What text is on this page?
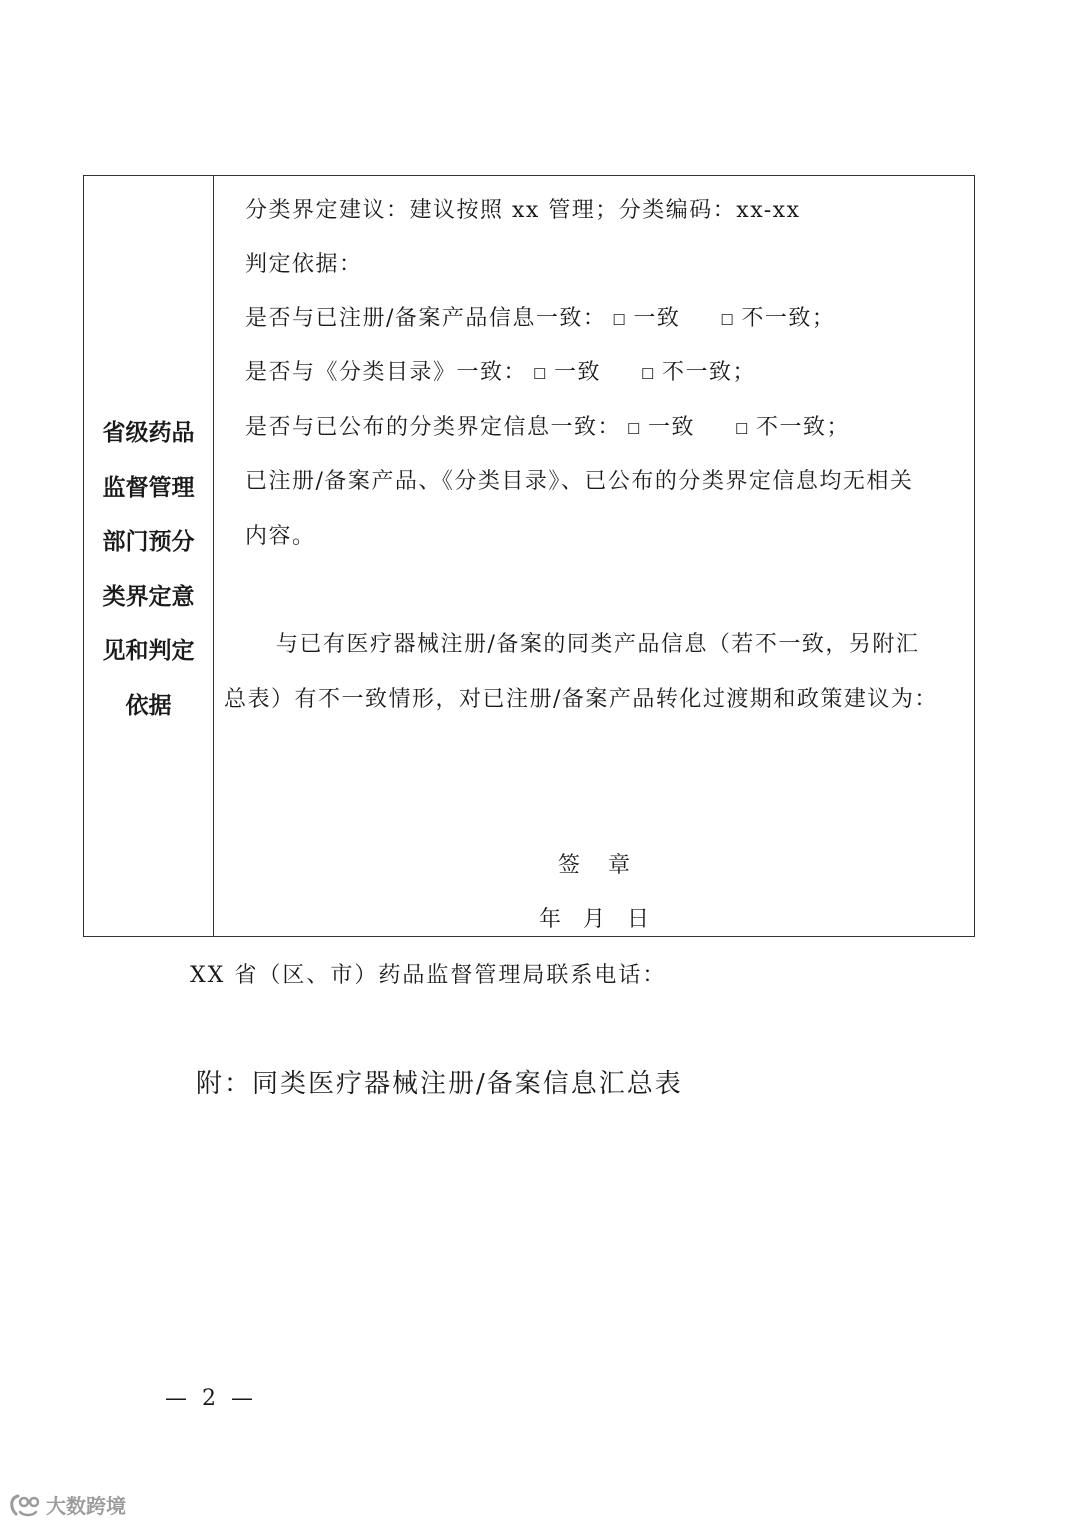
省级药品
监督管理
部门预分
类界定意
见和判定
依据
分类界定建议：建议按照 xx 管理；分类编码：xx-xx
判定依据：
是否与已注册/备案产品信息一致： ☐ 一致	☐ 不一致；
是否与《分类目录》一致： ☐ 一致	☐ 不一致；
是否与已公布的分类界定信息一致： ☐ 一致	☐ 不一致；
已注册/备案产品、《分类目录》、已公布的分类界定信息均无相关
内容。
与已有医疗器械注册/备案的同类产品信息（若不一致，另附汇
总表）有不一致情形，对已注册/备案产品转化过渡期和政策建议为：
签章
年　月　日
XX 省（区、市）药品监督管理局联系电话：
附：同类医疗器械注册/备案信息汇总表
— 2 —
大数跨境
